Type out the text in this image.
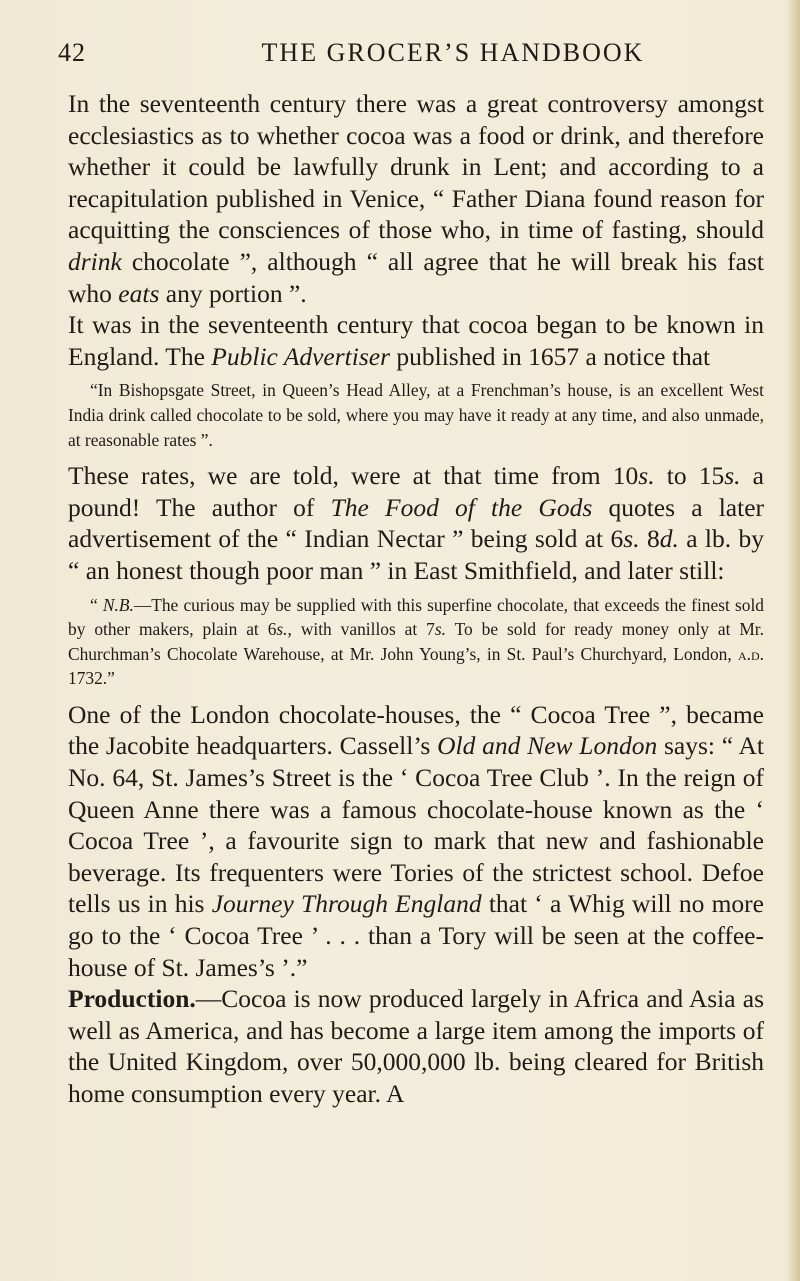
42	THE GROCER’S HANDBOOK

In the seventeenth century there was a great controversy amongst ecclesiastics as to whether cocoa was a food or drink, and therefore whether it could be lawfully drunk in Lent; and according to a recapitulation published in Venice, “ Father Diana found reason for acquitting the consciences of those who, in time of fasting, should drink chocolate ”, although “ all agree that he will break his fast who eats any portion ”.

It was in the seventeenth century that cocoa began to be known in England. The Public Advertiser published in 1657 a notice that

“In Bishopsgate Street, in Queen’s Head Alley, at a Frenchman’s house, is an excellent West India drink called chocolate to be sold, where you may have it ready at any time, and also unmade, at reasonable rates ”.

These rates, we are told, were at that time from 10s. to 15s. a pound! The author of The Food of the Gods quotes a later advertisement of the “ Indian Nectar ” being sold at 6s. 8d. a lb. by “ an honest though poor man ” in East Smithfield, and later still:

“ N.B.—The curious may be supplied with this superfine chocolate, that exceeds the finest sold by other makers, plain at 6s., with vanillos at 7s. To be sold for ready money only at Mr. Churchman’s Chocolate Warehouse, at Mr. John Young’s, in St. Paul’s Churchyard, London, a.d. 1732.”

One of the London chocolate-houses, the “ Cocoa Tree ”, became the Jacobite headquarters. Cassell’s Old and New London says: “ At No. 64, St. James’s Street is the ‘ Cocoa Tree Club ’. In the reign of Queen Anne there was a famous chocolate-house known as the ‘ Cocoa Tree ’, a favourite sign to mark that new and fashionable beverage. Its frequenters were Tories of the strictest school. Defoe tells us in his Journey Through England that ‘ a Whig will no more go to the ‘ Cocoa Tree ’ . . . than a Tory will be seen at the coffee-house of St. James’s ’.”

Production.—Cocoa is now produced largely in Africa and Asia as well as America, and has become a large item among the imports of the United Kingdom, over 50,000,000 lb. being cleared for British home consumption every year. A
